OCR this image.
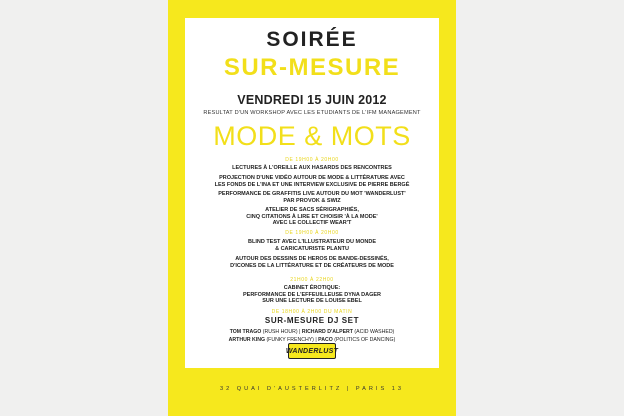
SOIRÉE
SUR-MESURE
VENDREDI 15 JUIN 2012
RESULTAT D'UN WORKSHOP AVEC LES ETUDIANTS DE L'IFM MANAGEMENT
MODE & MOTS
DE 19H00 À 20H00
LECTURES À L'OREILLE AUX HASARDS DES RENCONTRES
PROJECTION D'UNE VIDÉO AUTOUR DE MODE & LITTÉRATURE AVEC
LES FONDS DE L'INA ET UNE INTERVIEW EXCLUSIVE DE PIERRE BERGÉ
PERFORMANCE DE GRAFFITIS LIVE AUTOUR DU MOT 'WANDERLUST'
PAR PROVOK & SWIZ
ATELIER DE SACS SÉRIGRAPHIÉS,
CINQ CITATIONS À LIRE ET CHOISIR 'À LA MODE'
AVEC LE COLLECTIF WEAR'T
DE 19H00 À 20H00
BLIND TEST AVEC L'ILLUSTRATEUR DU MONDE
& CARICATURISTE PLANTU
AUTOUR DES DESSINS DE HEROS DE BANDE-DESSINÉS,
D'ICONES DE LA LITTÉRATURE ET DE CRÉATEURS DE MODE
21H00 À 22H00
CABINET ÉROTIQUE:
PERFORMANCE DE L'EFFEUILLEUSE DYNA DAGER
SUR UNE LECTURE DE LOUISE EBEL
DE 18H00 À 2H00 DU MATIN
SUR-MESURE DJ SET
TOM TRAGO (RUSH HOUR) | RICHARD D'ALPERT (ACID WASHED)
ARTHUR KING (FUNKY FRENCHY) | PACO (POLITICS OF DANCING)
WANDERLUST
32 QUAI D'AUSTERLITZ | PARIS 13
